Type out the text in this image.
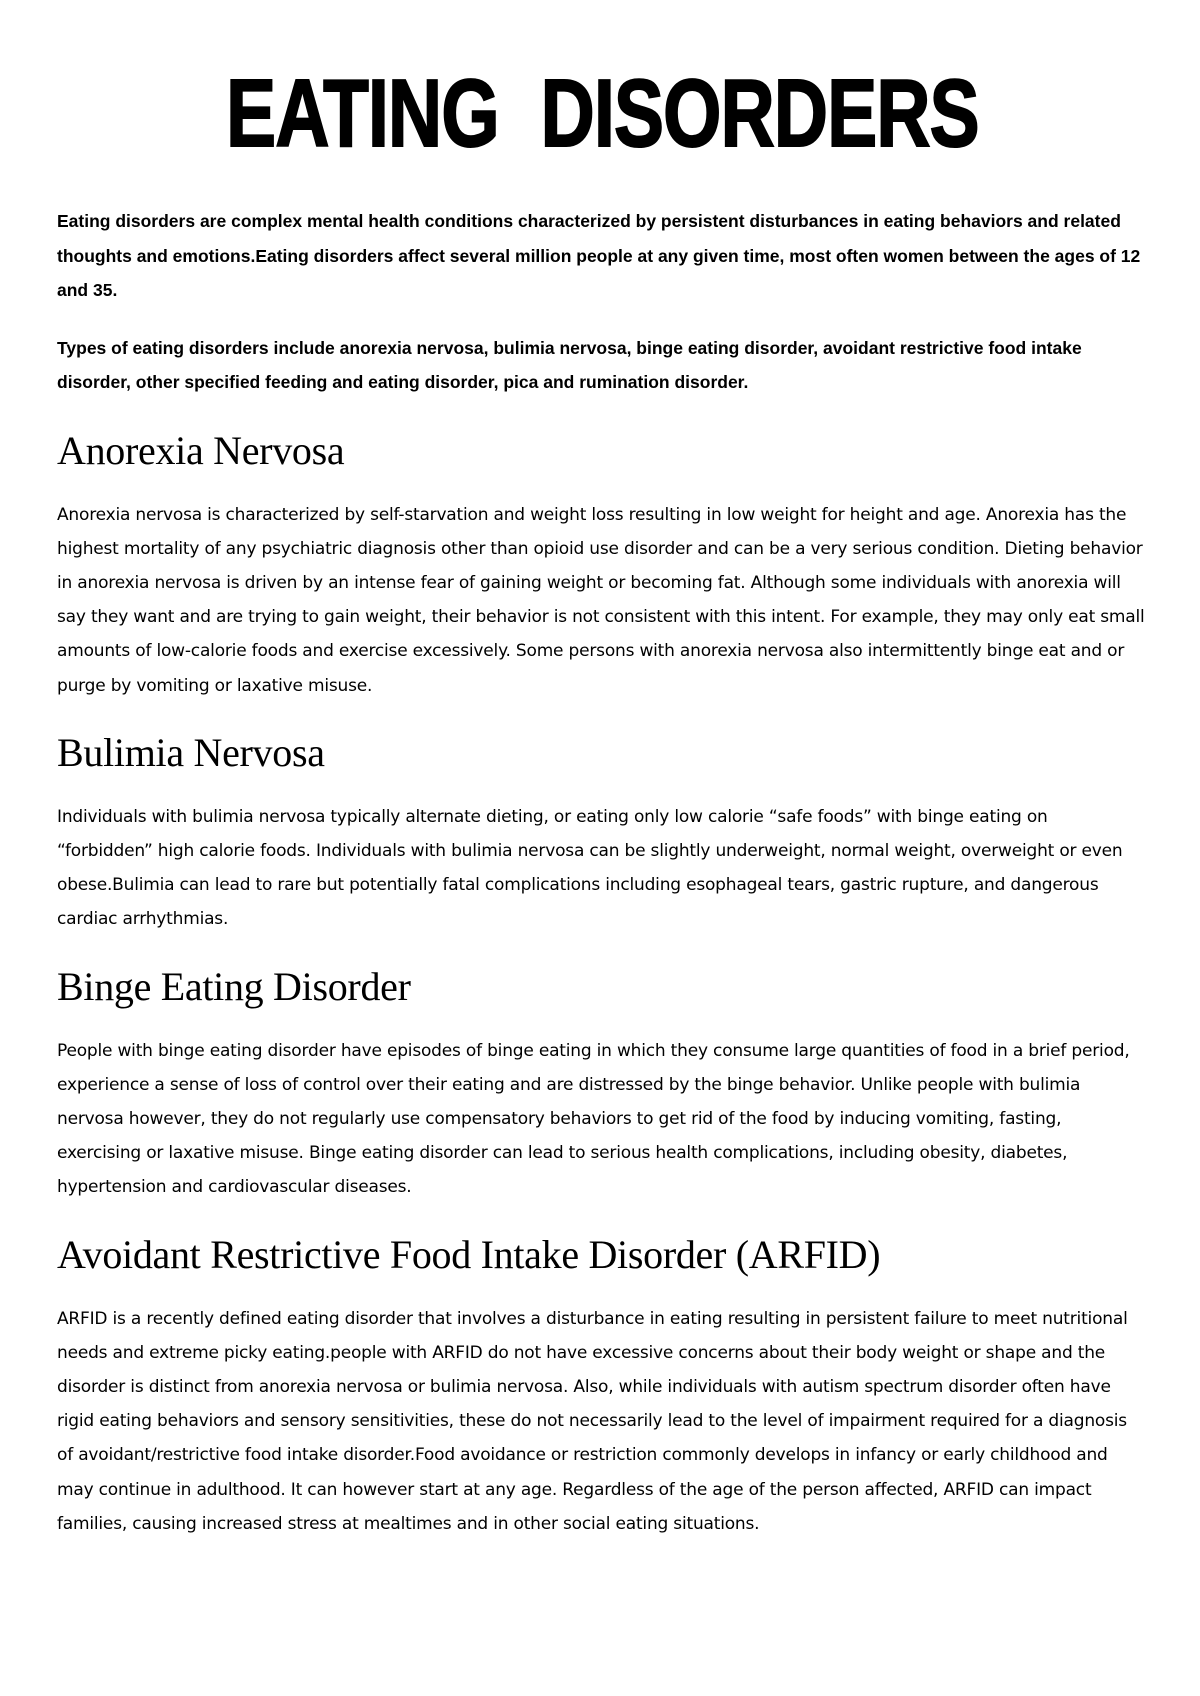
EATING DISORDERS

Eating disorders are complex mental health conditions characterized by persistent disturbances in eating behaviors and related thoughts and emotions.Eating disorders affect several million people at any given time, most often women between the ages of 12 and 35.

Types of eating disorders include anorexia nervosa, bulimia nervosa, binge eating disorder, avoidant restrictive food intake disorder, other specified feeding and eating disorder, pica and rumination disorder.

Anorexia Nervosa

Anorexia nervosa is characterized by self-starvation and weight loss resulting in low weight for height and age. Anorexia has the highest mortality of any psychiatric diagnosis other than opioid use disorder and can be a very serious condition. Dieting behavior in anorexia nervosa is driven by an intense fear of gaining weight or becoming fat. Although some individuals with anorexia will say they want and are trying to gain weight, their behavior is not consistent with this intent. For example, they may only eat small amounts of low-calorie foods and exercise excessively. Some persons with anorexia nervosa also intermittently binge eat and or purge by vomiting or laxative misuse.

Bulimia Nervosa

Individuals with bulimia nervosa typically alternate dieting, or eating only low calorie “safe foods” with binge eating on “forbidden” high calorie foods. Individuals with bulimia nervosa can be slightly underweight, normal weight, overweight or even obese.Bulimia can lead to rare but potentially fatal complications including esophageal tears, gastric rupture, and dangerous cardiac arrhythmias.

Binge Eating Disorder

People with binge eating disorder have episodes of binge eating in which they consume large quantities of food in a brief period, experience a sense of loss of control over their eating and are distressed by the binge behavior. Unlike people with bulimia nervosa however, they do not regularly use compensatory behaviors to get rid of the food by inducing vomiting, fasting, exercising or laxative misuse. Binge eating disorder can lead to serious health complications, including obesity, diabetes, hypertension and cardiovascular diseases.

Avoidant Restrictive Food Intake Disorder (ARFID)

ARFID is a recently defined eating disorder that involves a disturbance in eating resulting in persistent failure to meet nutritional needs and extreme picky eating.people with ARFID do not have excessive concerns about their body weight or shape and the disorder is distinct from anorexia nervosa or bulimia nervosa. Also, while individuals with autism spectrum disorder often have rigid eating behaviors and sensory sensitivities, these do not necessarily lead to the level of impairment required for a diagnosis of avoidant/restrictive food intake disorder.Food avoidance or restriction commonly develops in infancy or early childhood and may continue in adulthood. It can however start at any age. Regardless of the age of the person affected, ARFID can impact families, causing increased stress at mealtimes and in other social eating situations.
